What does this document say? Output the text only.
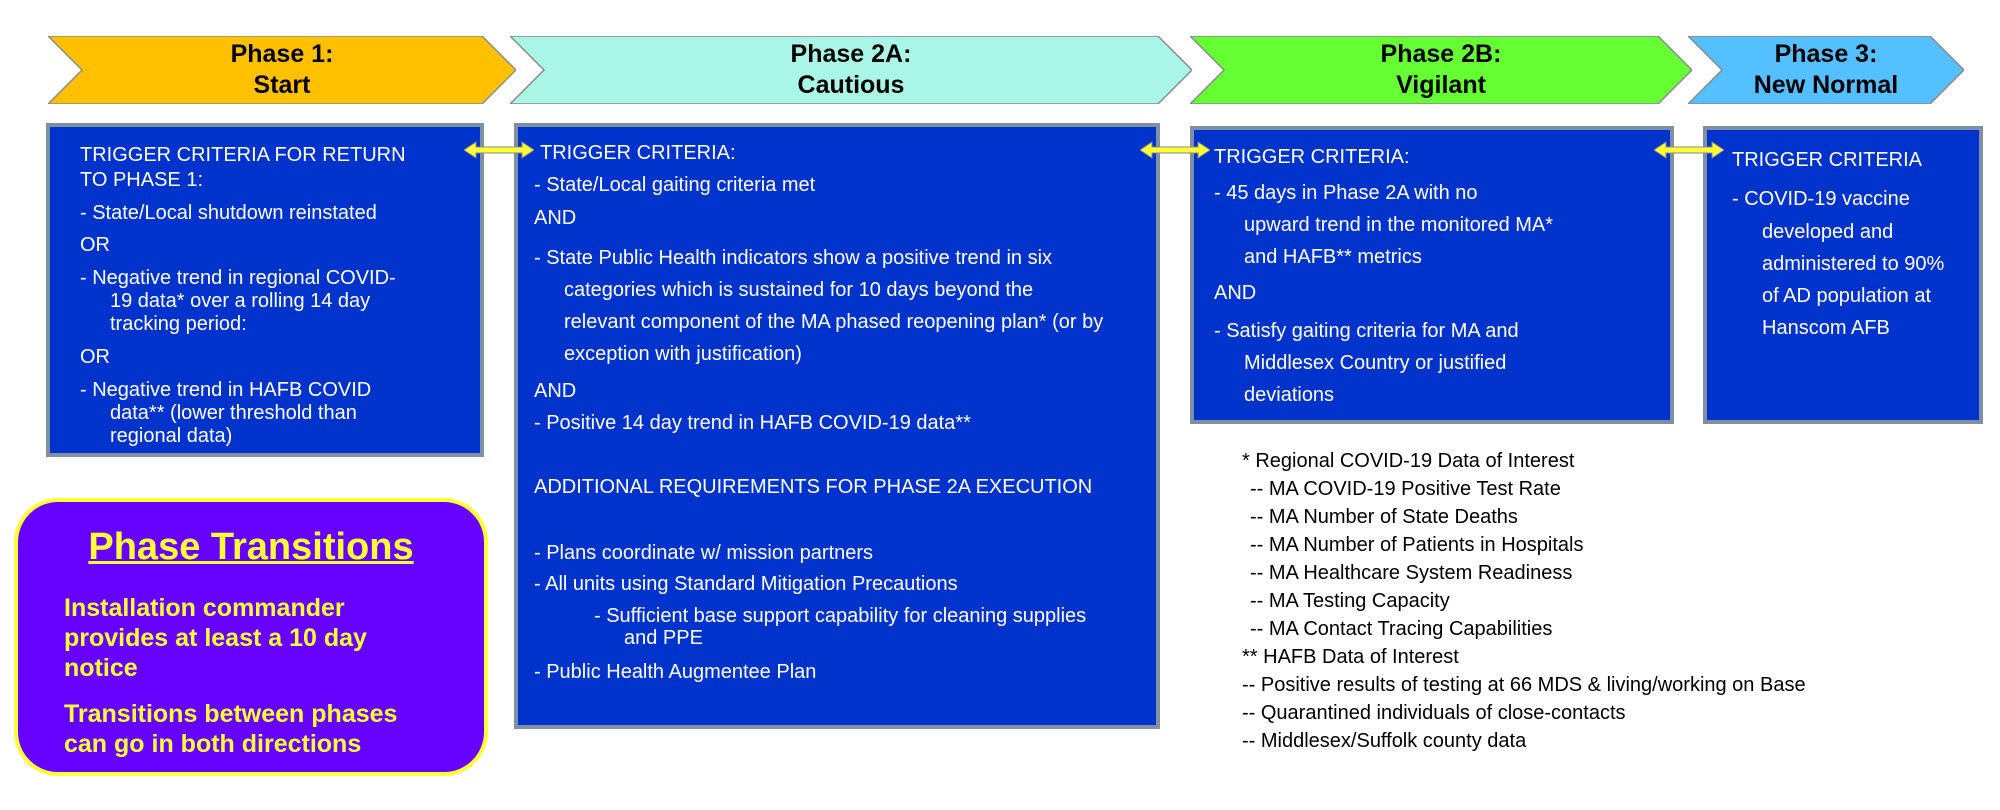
Phase 1:
Start
Phase 2A:
Cautious
Phase 2B:
Vigilant
Phase 3:
New Normal
TRIGGER CRITERIA FOR RETURN
TO PHASE 1:
- State/Local shutdown reinstated
OR
- Negative trend in regional COVID-
19 data* over a rolling 14 day
tracking period:
OR
- Negative trend in HAFB COVID
data** (lower threshold than
regional data)
TRIGGER CRITERIA:
- State/Local gaiting criteria met
AND
- State Public Health indicators show a positive trend in six
categories which is sustained for 10 days beyond the
relevant component of the MA phased reopening plan* (or by
exception with justification)
AND
- Positive 14 day trend in HAFB COVID-19 data**
ADDITIONAL REQUIREMENTS FOR PHASE 2A EXECUTION
- Plans coordinate w/ mission partners
- All units using Standard Mitigation Precautions
- Sufficient base support capability for cleaning supplies
and PPE
- Public Health Augmentee Plan
TRIGGER CRITERIA:
- 45 days in Phase 2A with no
upward trend in the monitored MA*
and HAFB** metrics
AND
- Satisfy gaiting criteria for MA and
Middlesex Country or justified
deviations
TRIGGER CRITERIA
- COVID-19 vaccine
developed and
administered to 90%
of AD population at
Hanscom AFB
* Regional COVID-19 Data of Interest
-- MA COVID-19 Positive Test Rate
-- MA Number of State Deaths
-- MA Number of Patients in Hospitals
-- MA Healthcare System Readiness
-- MA Testing Capacity
-- MA Contact Tracing Capabilities
** HAFB Data of Interest
-- Positive results of testing at 66 MDS & living/working on Base
-- Quarantined individuals of close-contacts
-- Middlesex/Suffolk county data
Phase Transitions
Installation commander
provides at least a 10 day
notice
Transitions between phases
can go in both directions
